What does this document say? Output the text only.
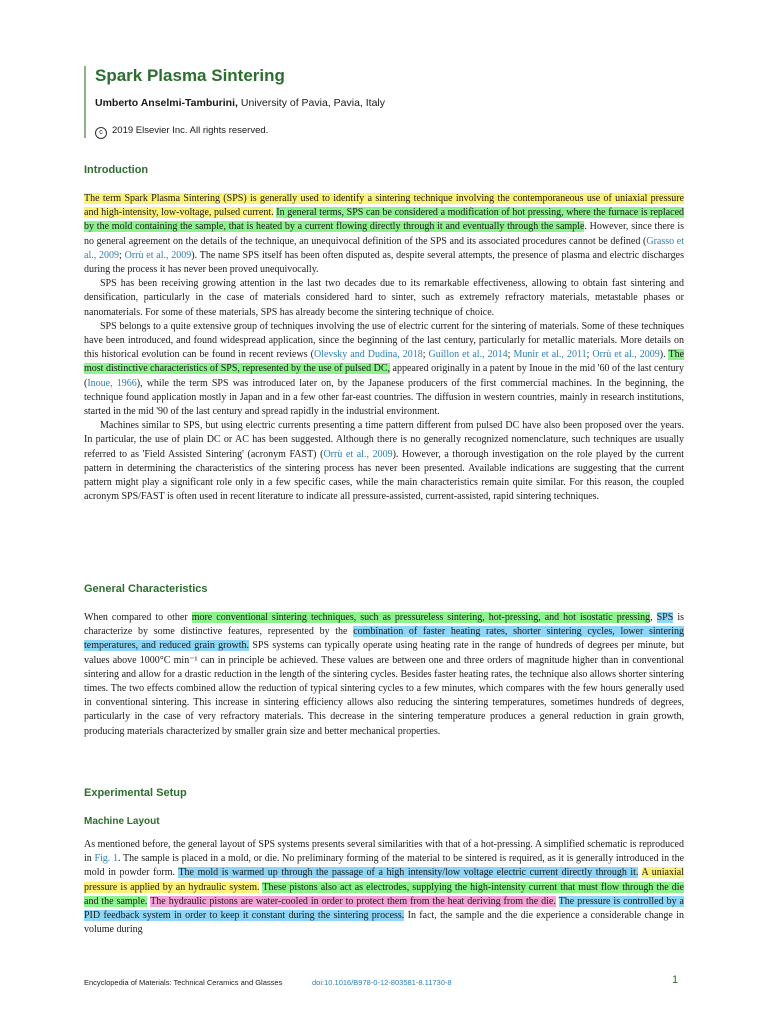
Spark Plasma Sintering

Umberto Anselmi-Tamburini, University of Pavia, Pavia, Italy

c 2019 Elsevier Inc. All rights reserved.

Introduction

The term Spark Plasma Sintering (SPS) is generally used to identify a sintering technique involving the contemporaneous use of uniaxial pressure and high-intensity, low-voltage, pulsed current. In general terms, SPS can be considered a modification of hot pressing, where the furnace is replaced by the mold containing the sample, that is heated by a current flowing directly through it and eventually through the sample. However, since there is no general agreement on the details of the technique, an unequivocal definition of the SPS and its associated procedures cannot be defined (Grasso et al., 2009; Orrù et al., 2009). The name SPS itself has been often disputed as, despite several attempts, the presence of plasma and electric discharges during the process it has never been proved unequivocally.

SPS has been receiving growing attention in the last two decades due to its remarkable effectiveness, allowing to obtain fast sintering and densification, particularly in the case of materials considered hard to sinter, such as extremely refractory materials, metastable phases or nanomaterials. For some of these materials, SPS has already become the sintering technique of choice.

SPS belongs to a quite extensive group of techniques involving the use of electric current for the sintering of materials. Some of these techniques have been introduced, and found widespread application, since the beginning of the last century, particularly for metallic materials. More details on this historical evolution can be found in recent reviews (Olevsky and Dudina, 2018; Guillon et al., 2014; Munir et al., 2011; Orrù et al., 2009). The most distinctive characteristics of SPS, represented by the use of pulsed DC, appeared originally in a patent by Inoue in the mid '60 of the last century (Inoue, 1966), while the term SPS was introduced later on, by the Japanese producers of the first commercial machines. In the beginning, the technique found application mostly in Japan and in a few other far-east countries. The diffusion in western countries, mainly in research institutions, started in the mid '90 of the last century and spread rapidly in the industrial environment.

Machines similar to SPS, but using electric currents presenting a time pattern different from pulsed DC have also been proposed over the years. In particular, the use of plain DC or AC has been suggested. Although there is no generally recognized nomenclature, such techniques are usually referred to as 'Field Assisted Sintering' (acronym FAST) (Orrù et al., 2009). However, a thorough investigation on the role played by the current pattern in determining the characteristics of the sintering process has never been presented. Available indications are suggesting that the current pattern might play a significant role only in a few specific cases, while the main characteristics remain quite similar. For this reason, the coupled acronym SPS/FAST is often used in recent literature to indicate all pressure-assisted, current-assisted, rapid sintering techniques.

General Characteristics

When compared to other more conventional sintering techniques, such as pressureless sintering, hot-pressing, and hot isostatic pressing, SPS is characterize by some distinctive features, represented by the combination of faster heating rates, shorter sintering cycles, lower sintering temperatures, and reduced grain growth. SPS systems can typically operate using heating rate in the range of hundreds of degrees per minute, but values above 1000°C min⁻¹ can in principle be achieved. These values are between one and three orders of magnitude higher than in conventional sintering and allow for a drastic reduction in the length of the sintering cycles. Besides faster heating rates, the technique also allows shorter sintering times. The two effects combined allow the reduction of typical sintering cycles to a few minutes, which compares with the few hours generally used in conventional sintering. This increase in sintering efficiency allows also reducing the sintering temperatures, sometimes hundreds of degrees, particularly in the case of very refractory materials. This decrease in the sintering temperature produces a general reduction in grain growth, producing materials characterized by smaller grain size and better mechanical properties.

Experimental Setup
Machine Layout

As mentioned before, the general layout of SPS systems presents several similarities with that of a hot-pressing. A simplified schematic is reproduced in Fig. 1. The sample is placed in a mold, or die. No preliminary forming of the material to be sintered is required, as it is generally introduced in the mold in powder form. The mold is warmed up through the passage of a high intensity/low voltage electric current directly through it. A uniaxial pressure is applied by an hydraulic system. These pistons also act as electrodes, supplying the high-intensity current that must flow through the die and the sample. The hydraulic pistons are water-cooled in order to protect them from the heat deriving from the die. The pressure is controlled by a PID feedback system in order to keep it constant during the sintering process. In fact, the sample and the die experience a considerable change in volume during

Encyclopedia of Materials: Technical Ceramics and Glasses	doi:10.1016/B978-0-12-803581-8.11730-8	1
